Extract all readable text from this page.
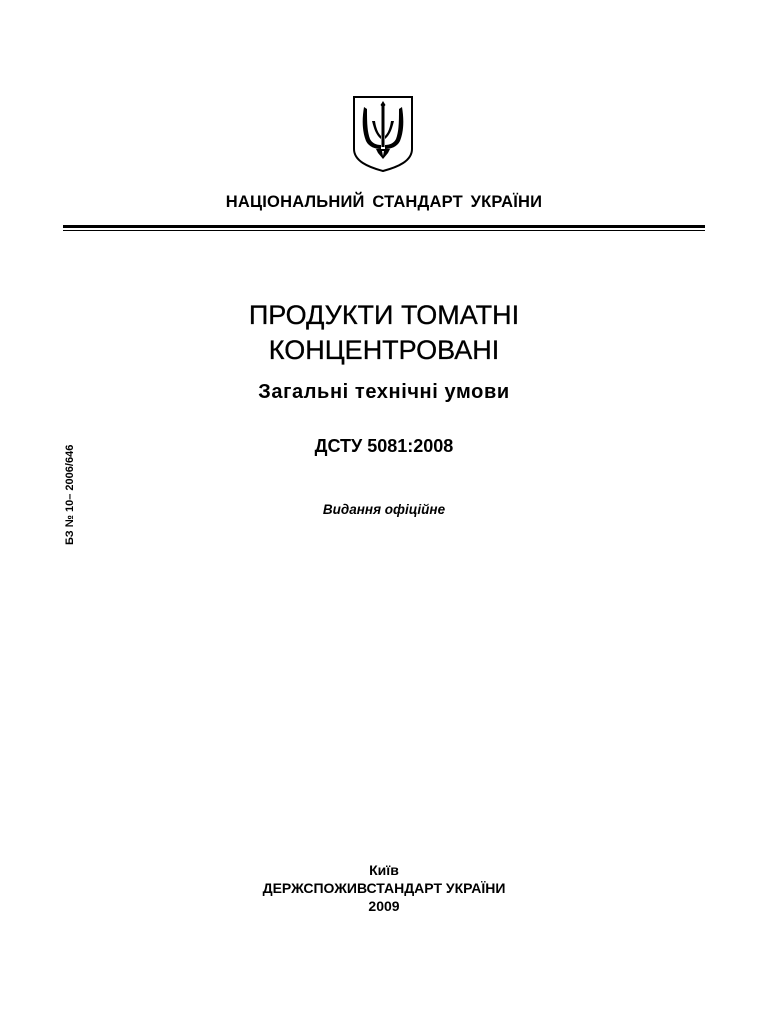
НАЦІОНАЛЬНИЙ СТАНДАРТ УКРАЇНИ
ПРОДУКТИ ТОМАТНІ
КОНЦЕНТРОВАНІ
Загальні технічні умови
ДСТУ 5081:2008
Видання офіційне
БЗ № 10– 2006/646
Київ
ДЕРЖСПОЖИВСТАНДАРТ УКРАЇНИ
2009
